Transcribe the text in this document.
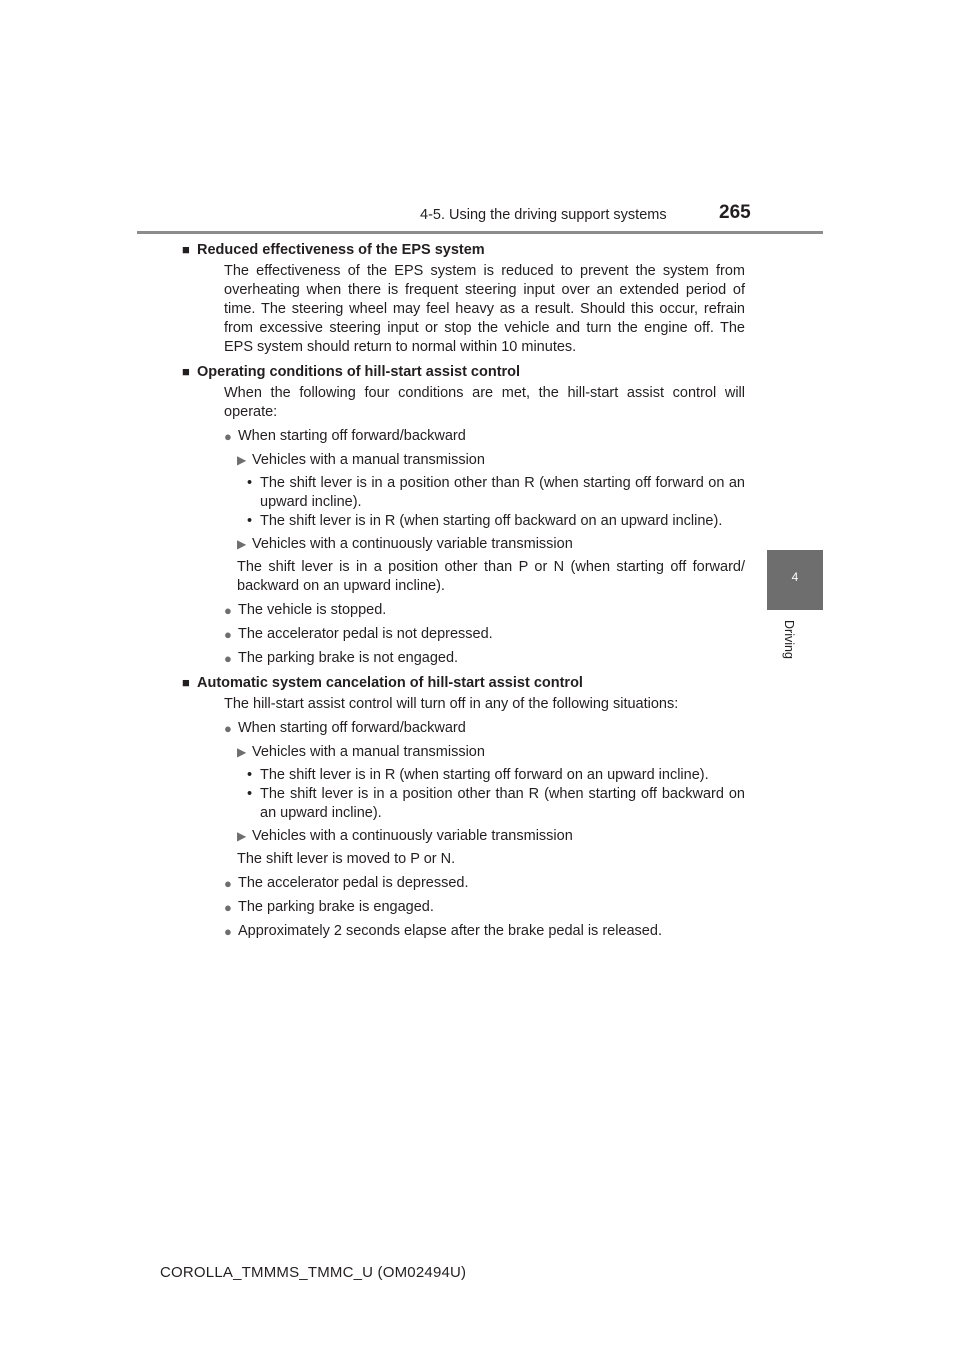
4-5. Using the driving support systems	265
4
Driving
■ Reduced effectiveness of the EPS system
The effectiveness of the EPS system is reduced to prevent the system from overheating when there is frequent steering input over an extended period of time. The steering wheel may feel heavy as a result. Should this occur, refrain from excessive steering input or stop the vehicle and turn the engine off. The EPS system should return to normal within 10 minutes.
■ Operating conditions of hill-start assist control
When the following four conditions are met, the hill-start assist control will operate:
● When starting off forward/backward
▶ Vehicles with a manual transmission
• The shift lever is in a position other than R (when starting off forward on an upward incline).
• The shift lever is in R (when starting off backward on an upward incline).
▶ Vehicles with a continuously variable transmission
The shift lever is in a position other than P or N (when starting off forward/ backward on an upward incline).
● The vehicle is stopped.
● The accelerator pedal is not depressed.
● The parking brake is not engaged.
■ Automatic system cancelation of hill-start assist control
The hill-start assist control will turn off in any of the following situations:
● When starting off forward/backward
▶ Vehicles with a manual transmission
• The shift lever is in R (when starting off forward on an upward incline).
• The shift lever is in a position other than R (when starting off backward on an upward incline).
▶ Vehicles with a continuously variable transmission
The shift lever is moved to P or N.
● The accelerator pedal is depressed.
● The parking brake is engaged.
● Approximately 2 seconds elapse after the brake pedal is released.
COROLLA_TMMMS_TMMC_U (OM02494U)
